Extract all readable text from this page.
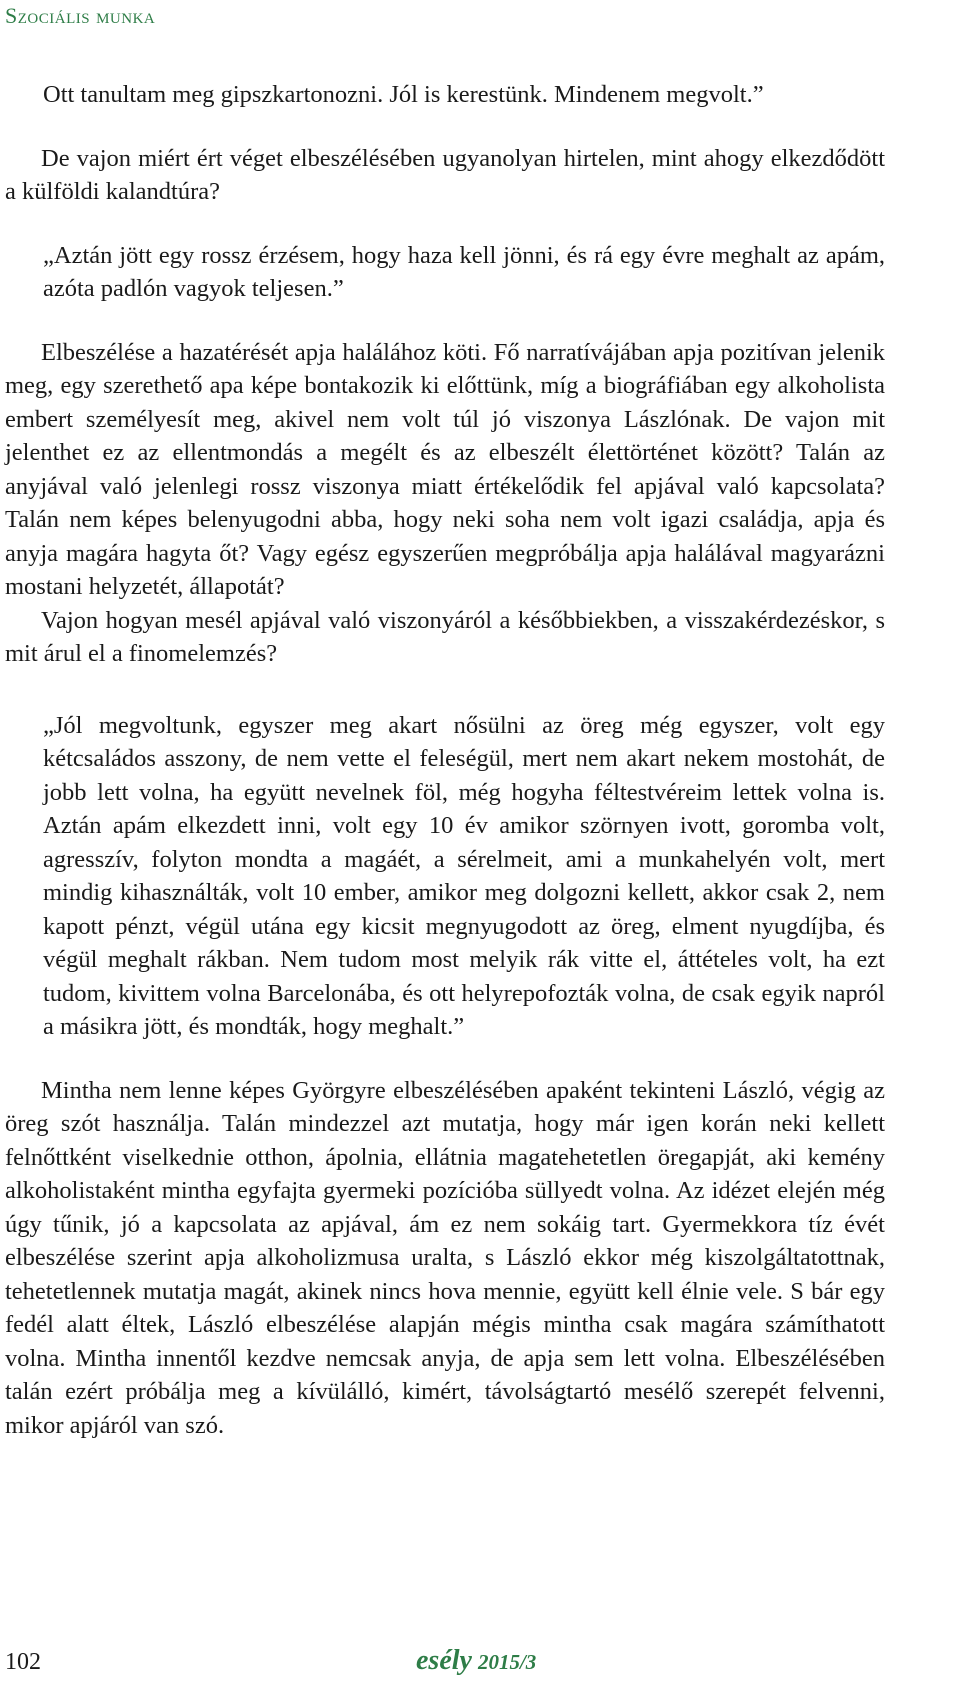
Szociális munka

Ott tanultam meg gipszkartonozni. Jól is kerestünk. Mindenem megvolt.”

De vajon miért ért véget elbeszélésében ugyanolyan hirtelen, mint ahogy elkezdődött a külföldi kalandtúra?

„Aztán jött egy rossz érzésem, hogy haza kell jönni, és rá egy évre meghalt az apám, azóta padlón vagyok teljesen.”

Elbeszélése a hazatérését apja halálához köti. Fő narratívájában apja pozitívan jelenik meg, egy szerethető apa képe bontakozik ki előttünk, míg a biográfiában egy alkoholista embert személyesít meg, akivel nem volt túl jó viszonya Lászlónak. De vajon mit jelenthet ez az ellentmondás a megélt és az elbeszélt élettörténet között? Talán az anyjával való jelenlegi rossz viszonya miatt értékelődik fel apjával való kapcsolata? Talán nem képes belenyugodni abba, hogy neki soha nem volt igazi családja, apja és anyja magára hagyta őt? Vagy egész egyszerűen megpróbálja apja halálával magyarázni mostani helyzetét, állapotát?

Vajon hogyan mesél apjával való viszonyáról a későbbiekben, a visszakérdezéskor, s mit árul el a finomelemzés?

„Jól megvoltunk, egyszer meg akart nősülni az öreg még egyszer, volt egy kétcsaládos asszony, de nem vette el feleségül, mert nem akart nekem mostohát, de jobb lett volna, ha együtt nevelnek föl, még hogyha féltestvéreim lettek volna is. Aztán apám elkezdett inni, volt egy 10 év amikor szörnyen ivott, goromba volt, agresszív, folyton mondta a magáét, a sérelmeit, ami a munkahelyén volt, mert mindig kihasználták, volt 10 ember, amikor meg dolgozni kellett, akkor csak 2, nem kapott pénzt, végül utána egy kicsit megnyugodott az öreg, elment nyugdíjba, és végül meghalt rákban. Nem tudom most melyik rák vitte el, áttételes volt, ha ezt tudom, kivittem volna Barcelonába, és ott helyrepofozták volna, de csak egyik napról a másikra jött, és mondták, hogy meghalt.”

Mintha nem lenne képes Györgyre elbeszélésében apaként tekinteni László, végig az öreg szót használja. Talán mindezzel azt mutatja, hogy már igen korán neki kellett felnőttként viselkednie otthon, ápolnia, ellátnia magatehetetlen öregapját, aki kemény alkoholistaként mintha egyfajta gyermeki pozícióba süllyedt volna. Az idézet elején még úgy tűnik, jó a kapcsolata az apjával, ám ez nem sokáig tart. Gyermekkora tíz évét elbeszélése szerint apja alkoholizmusa uralta, s László ekkor még kiszolgáltatottnak, tehetetlennek mutatja magát, akinek nincs hova mennie, együtt kell élnie vele. S bár egy fedél alatt éltek, László elbeszélése alapján mégis mintha csak magára számíthatott volna. Mintha innentől kezdve nemcsak anyja, de apja sem lett volna. Elbeszélésében talán ezért próbálja meg a kívülálló, kimért, távolságtartó mesélő szerepét felvenni, mikor apjáról van szó.

102	esély 2015/3
